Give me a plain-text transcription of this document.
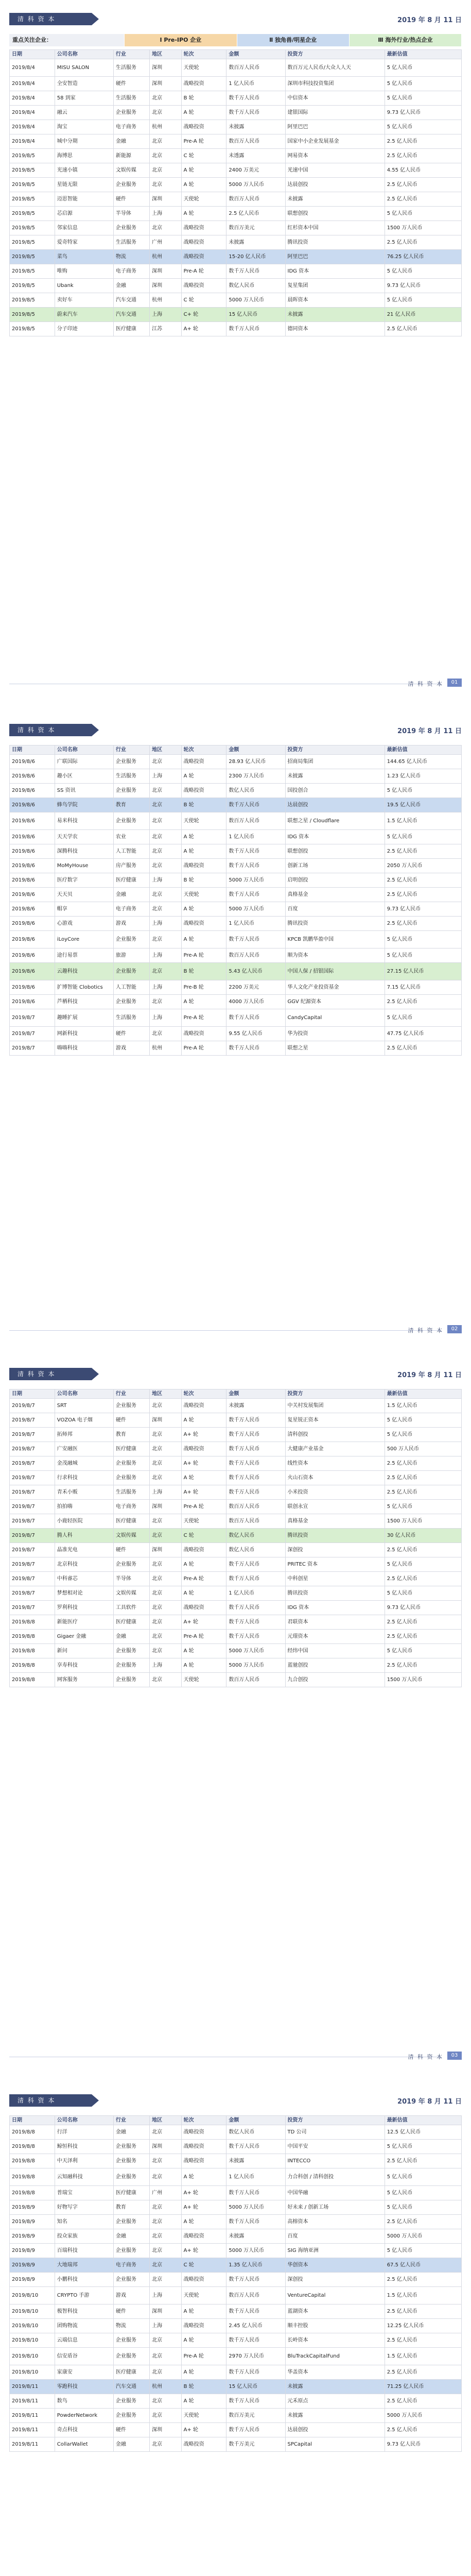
清 科 资 本	2019 年 8 月 11 日
重点关注企业：	Ⅰ Pre-IPO 企业	Ⅱ 独角兽/明星企业	Ⅲ 海外行业/热点企业
日期	公司名称	行业	地区	轮次	金额	投资方	最新估值
2019/8/4	MISU SALON	生活服务	深圳	天使轮	数百万人民币	数百万元人民币/大众人人天	5 亿人民币
2019/8/4	全安智造	硬件	深圳	战略投资	1 亿人民币	深圳市科技投资集团	5 亿人民币
2019/8/4	58 到家	生活服务	北京	B 轮	数千万人民币	中信资本	5 亿人民币
2019/8/4	融云	企业服务	北京	A 轮	数千万人民币	建银国际	9.73 亿人民币
2019/8/4	淘宝	电子商务	杭州	战略投资	未披露	阿里巴巴	5 亿人民币
2019/8/4	城中分期	金融	北京	Pre-A 轮	数百万人民币	国家中小企业发展基金	2.5 亿人民币
2019/8/5	海博思	新能源	北京	C 轮	未透露	网易资本	2.5 亿人民币
2019/8/5	光速小镇	文娱传媒	北京	A 轮	2400 万美元	光速中国	4.55 亿人民币
2019/8/5	星链无限	企业服务	北京	A 轮	5000 万人民币	达晨创投	2.5 亿人民币
2019/8/5	迈思智能	硬件	深圳	天使轮	数百万人民币	未披露	2.5 亿人民币
2019/8/5	芯启源	半导体	上海	A 轮	2.5 亿人民币	联想创投	5 亿人民币
2019/8/5	邻家信息	企业服务	北京	战略投资	数百万美元	红杉资本中国	1500 万人民币
2019/8/5	爱奇特家	生活服务	广州	战略投资	未披露	腾讯投资	2.5 亿人民币
2019/8/5	菜鸟	物流	杭州	战略投资	15-20 亿人民币	阿里巴巴	76.25 亿人民币
2019/8/5	唯购	电子商务	深圳	Pre-A 轮	数千万人民币	IDG 资本	5 亿人民币
2019/8/5	Ubank	金融	深圳	战略投资	数亿人民币	复星集团	9.73 亿人民币
2019/8/5	卖好车	汽车交通	杭州	C 轮	5000 万人民币	晨晖资本	5 亿人民币
2019/8/5	蔚来汽车	汽车交通	上海	C+ 轮	15 亿人民币	未披露	21 亿人民币
2019/8/5	分子印迹	医疗健康	江苏	A+ 轮	数千万人民币	德同资本	2.5 亿人民币
清 科 资 本	01
清 科 资 本	2019 年 8 月 11 日
日期	公司名称	行业	地区	轮次	金额	投资方	最新估值
2019/8/6	广联国际	企业服务	北京	战略投资	28.93 亿人民币	招商局集团	144.65 亿人民币
2019/8/6	趣小区	生活服务	上海	A 轮	2300 万人民币	未披露	1.23 亿人民币
2019/8/6	SS 资讯	企业服务	北京	战略投资	数亿人民币	国投创合	5 亿人民币
2019/8/6	蜂鸟学院	教育	北京	B 轮	数千万人民币	达晨创投	19.5 亿人民币
2019/8/6	易米科技	企业服务	北京	天使轮	数百万人民币	联想之星 / Cloudflare	1.5 亿人民币
2019/8/6	天天学农	农业	北京	A 轮	1 亿人民币	IDG 资本	5 亿人民币
2019/8/6	深腾科技	人工智能	北京	A 轮	数千万人民币	联想创投	2.5 亿人民币
2019/8/6	MoMyHouse	房产服务	北京	战略投资	数千万人民币	创新工场	2050 万人民币
2019/8/6	医疗数字	医疗健康	上海	B 轮	5000 万人民币	启明创投	2.5 亿人民币
2019/8/6	天天贝	金融	北京	天使轮	数千万人民币	真格基金	2.5 亿人民币
2019/8/6	帽享	电子商务	北京	A 轮	5000 万人民币	百度	9.73 亿人民币
2019/8/6	心游戏	游戏	上海	战略投资	1 亿人民币	腾讯投资	2.5 亿人民币
2019/8/6	iLoyCore	企业服务	北京	A 轮	数千万人民币	KPCB 凯鹏华盈中国	5 亿人民币
2019/8/6	途行易票	旅游	上海	Pre-A 轮	数百万人民币	顺为资本	5 亿人民币
2019/8/6	云趣科技	企业服务	北京	B 轮	5.43 亿人民币	中国人保 / 招银国际	27.15 亿人民币
2019/8/6	扩博智能 Clobotics	人工智能	上海	Pre-B 轮	2200 万美元	华人文化产业投资基金	7.15 亿人民币
2019/8/6	芦栖科技	企业服务	北京	A 轮	4000 万人民币	GGV 纪源资本	2.5 亿人民币
2019/8/7	趣睡扩展	生活服务	上海	Pre-A 轮	数千万人民币	CandyCapital	5 亿人民币
2019/8/7	网新科技	硬件	北京	战略投资	9.55 亿人民币	华为投资	47.75 亿人民币
2019/8/7	嗨嗨科技	游戏	杭州	Pre-A 轮	数千万人民币	联想之星	2.5 亿人民币
清 科 资 本	02
清 科 资 本	2019 年 8 月 11 日
日期	公司名称	行业	地区	轮次	金额	投资方	最新估值
2019/8/7	SRT	企业服务	北京	战略投资	未披露	中关村发展集团	1.5 亿人民币
2019/8/7	VOZOA 电子烟	硬件	深圳	A 轮	数千万人民币	复星锐正资本	5 亿人民币
2019/8/7	拓师邦	教育	北京	A+ 轮	数千万人民币	清科创投	5 亿人民币
2019/8/7	广安融医	医疗健康	北京	战略投资	数千万人民币	大健康产业基金	500 万人民币
2019/8/7	金茂融城	企业服务	北京	A+ 轮	数千万人民币	线性资本	2.5 亿人民币
2019/8/7	行求科技	企业服务	北京	A 轮	数千万人民币	火山石资本	2.5 亿人民币
2019/8/7	青禾小贩	生活服务	上海	A+ 轮	数千万人民币	小米投资	2.5 亿人民币
2019/8/7	拍拍嗨	电子商务	深圳	Pre-A 轮	数百万人民币	联创永宣	5 亿人民币
2019/8/7	小鹿轻医院	医疗健康	北京	天使轮	数百万人民币	真格基金	1500 万人民币
2019/8/7	腾人科	文娱传媒	北京	C 轮	数亿人民币	腾讯投资	30 亿人民币
2019/8/7	晶准光电	硬件	深圳	战略投资	数亿人民币	深创投	2.5 亿人民币
2019/8/7	北京科技	企业服务	北京	A 轮	数千万人民币	PRITEC 资本	5 亿人民币
2019/8/7	中科睿芯	半导体	北京	Pre-A 轮	数千万人民币	中科创星	2.5 亿人民币
2019/8/7	梦想相对论	文娱传媒	北京	A 轮	1 亿人民币	腾讯投资	5 亿人民币
2019/8/7	罗利科技	工具软件	北京	战略投资	数千万人民币	IDG 资本	9.73 亿人民币
2019/8/8	新能医疗	医疗健康	北京	A+ 轮	数千万人民币	君联资本	2.5 亿人民币
2019/8/8	Gigaer 金融	金融	北京	Pre-A 轮	数千万人民币	元璟资本	2.5 亿人民币
2019/8/8	新问	企业服务	北京	A 轮	5000 万人民币	经纬中国	5 亿人民币
2019/8/8	享寿科技	企业服务	上海	A 轮	5000 万人民币	蓝驰创投	2.5 亿人民币
2019/8/8	网客服务	企业服务	北京	天使轮	数百万人民币	九合创投	1500 万人民币
清 科 资 本	03
清 科 资 本	2019 年 8 月 11 日
日期	公司名称	行业	地区	轮次	金额	投资方	最新估值
2019/8/8	行洋	金融	北京	战略投资	数亿人民币	TD 公司	12.5 亿人民币
2019/8/8	鲸恒科技	企业服务	深圳	战略投资	数千万人民币	中国平安	5 亿人民币
2019/8/8	中天泽利	企业服务	北京	战略投资	未披露	INTECCO	2.5 亿人民币
2019/8/8	云知融科技	企业服务	北京	A 轮	1 亿人民币	力合科创 / 清科创投	5 亿人民币
2019/8/8	普瑞宝	医疗健康	广州	A+ 轮	数千万人民币	中国华融	5 亿人民币
2019/8/9	好物写字	教育	北京	A+ 轮	5000 万人民币	好未来 / 创新工场	5 亿人民币
2019/8/9	知名	企业服务	北京	A 轮	数千万人民币	高榕资本	2.5 亿人民币
2019/8/9	投众家族	金融	北京	战略投资	未披露	百度	5000 万人民币
2019/8/9	百瑞科技	企业服务	北京	A+ 轮	5000 万人民币	SIG 海纳亚洲	5 亿人民币
2019/8/9	大地瑞邦	电子商务	北京	C 轮	1.35 亿人民币	华创资本	67.5 亿人民币
2019/8/9	小鹏科技	企业服务	北京	战略投资	数千万人民币	深创投	2.5 亿人民币
2019/8/10	CRYPTO 手游	游戏	上海	天使轮	数百万人民币	VentureCapital	1.5 亿人民币
2019/8/10	极智科技	硬件	深圳	A 轮	数千万人民币	蓝湖资本	2.5 亿人民币
2019/8/10	团购物流	物流	上海	战略投资	2.45 亿人民币	顺丰控股	12.25 亿人民币
2019/8/10	云端信息	企业服务	北京	A 轮	数千万人民币	长岭资本	2.5 亿人民币
2019/8/10	信安盾谷	企业服务	北京	Pre-A 轮	2970 万人民币	BluTrackCapitalFund	1.5 亿人民币
2019/8/10	家康安	医疗健康	北京	A 轮	数千万人民币	华盖资本	2.5 亿人民币
2019/8/11	零跑科技	汽车交通	杭州	B 轮	15 亿人民币	未披露	71.25 亿人民币
2019/8/11	数鸟	企业服务	北京	A 轮	数千万人民币	元禾原点	2.5 亿人民币
2019/8/11	PowderNetwork	企业服务	北京	天使轮	数百万美元	未披露	5000 万人民币
2019/8/11	奇点科技	硬件	深圳	A+ 轮	数千万人民币	达晨创投	2.5 亿人民币
2019/8/11	CollarWallet	金融	北京	战略投资	数千万美元	SPCapital	9.73 亿人民币
